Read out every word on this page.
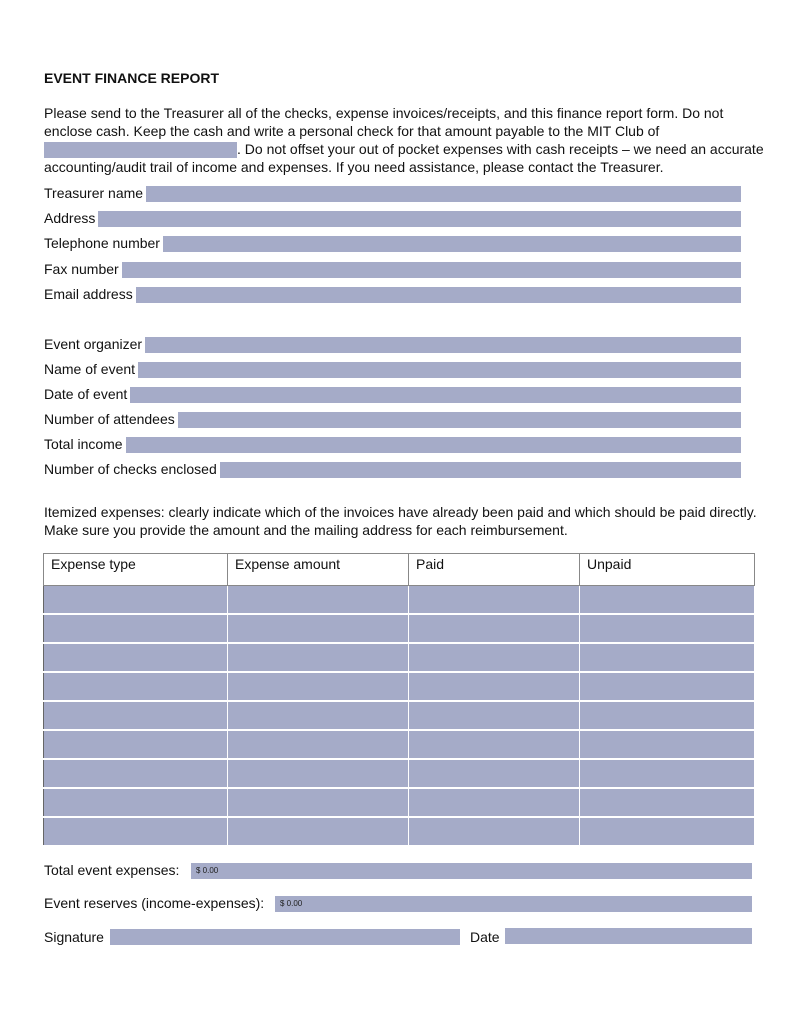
EVENT FINANCE REPORT
Please send to the Treasurer all of the checks, expense invoices/receipts, and this finance report form. Do not enclose cash. Keep the cash and write a personal check for that amount payable to the MIT Club of
. Do not offset your out of pocket expenses with cash receipts – we need an accurate accounting/audit trail of income and expenses. If you need assistance, please contact the Treasurer.
Treasurer name
Address
Telephone number
Fax number
Email address
Event organizer
Name of event
Date of event
Number of attendees
Total income
Number of checks enclosed
Itemized expenses: clearly indicate which of the invoices have already been paid and which should be paid directly. Make sure you provide the amount and the mailing address for each reimbursement.
Expense type	Expense amount	Paid	Unpaid

Total event expenses:	$ 0.00
Event reserves (income-expenses):	$ 0.00
Signature	Date
